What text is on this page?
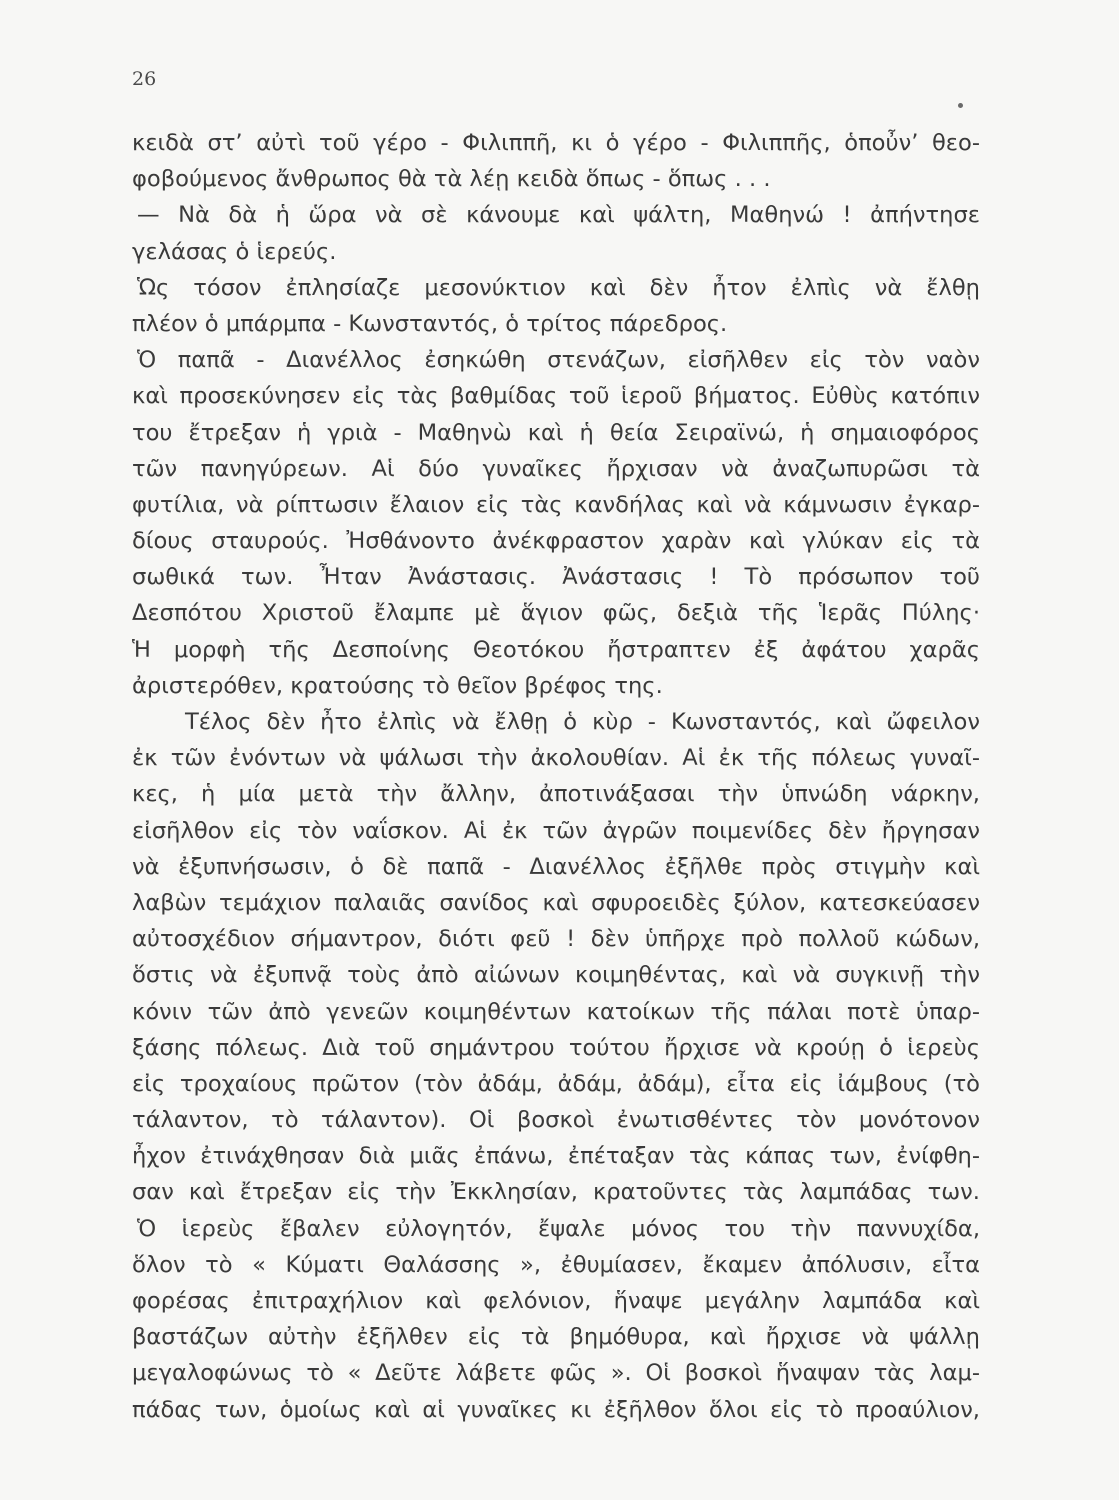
26
κειδὰ στ’ αὐτὶ τοῦ γέρο - Φιλιππῆ, κι ὁ γέρο - Φιλιππῆς, ὁποὖν’ θεο-
φοβούμενος ἄνθρωπος θὰ τὰ λέῃ κειδὰ ὅπως - ὅπως . . .
— Νὰ δὰ ἡ ὥρα νὰ σὲ κάνουμε καὶ ψάλτη, Μαθηνώ ! ἀπήντησε
γελάσας ὁ ἱερεύς.
Ὡς τόσον ἐπλησίαζε μεσονύκτιον καὶ δὲν ἦτον ἐλπὶς νὰ ἔλθῃ
πλέον ὁ μπάρμπα - Κωνσταντός, ὁ τρίτος πάρεδρος.
Ὁ παπᾶ - Διανέλλος ἐσηκώθη στενάζων, εἰσῆλθεν εἰς τὸν ναὸν
καὶ προσεκύνησεν εἰς τὰς βαθμίδας τοῦ ἱεροῦ βήματος. Εὐθὺς κατόπιν
του ἔτρεξαν ἡ γριὰ - Μαθηνὼ καὶ ἡ θεία Σειραϊνώ, ἡ σημαιοφόρος
τῶν πανηγύρεων. Αἱ δύο γυναῖκες ἤρχισαν νὰ ἀναζωπυρῶσι τὰ
φυτίλια, νὰ ρίπτωσιν ἔλαιον εἰς τὰς κανδήλας καὶ νὰ κάμνωσιν ἐγκαρ-
δίους σταυρούς. Ἠσθάνοντο ἀνέκφραστον χαρὰν καὶ γλύκαν εἰς τὰ
σωθικά των. Ἦταν Ἀνάστασις. Ἀνάστασις ! Τὸ πρόσωπον τοῦ
Δεσπότου Χριστοῦ ἔλαμπε μὲ ἅγιον φῶς, δεξιὰ τῆς Ἱερᾶς Πύλης·
Ἡ μορφὴ τῆς Δεσποίνης Θεοτόκου ἤστραπτεν ἐξ ἀφάτου χαρᾶς
ἀριστερόθεν, κρατούσης τὸ θεῖον βρέφος της.
Τέλος δὲν ἦτο ἐλπὶς νὰ ἔλθῃ ὁ κὺρ - Κωνσταντός, καὶ ὤφειλον
ἐκ τῶν ἐνόντων νὰ ψάλωσι τὴν ἀκολουθίαν. Αἱ ἐκ τῆς πόλεως γυναῖ-
κες, ἡ μία μετὰ τὴν ἄλλην, ἀποτινάξασαι τὴν ὑπνώδη νάρκην,
εἰσῆλθον εἰς τὸν ναΐσκον. Αἱ ἐκ τῶν ἀγρῶν ποιμενίδες δὲν ἤργησαν
νὰ ἐξυπνήσωσιν, ὁ δὲ παπᾶ - Διανέλλος ἐξῆλθε πρὸς στιγμὴν καὶ
λαβὼν τεμάχιον παλαιᾶς σανίδος καὶ σφυροειδὲς ξύλον, κατεσκεύασεν
αὐτοσχέδιον σήμαντρον, διότι φεῦ ! δὲν ὑπῆρχε πρὸ πολλοῦ κώδων,
ὅστις νὰ ἐξυπνᾷ τοὺς ἀπὸ αἰώνων κοιμηθέντας, καὶ νὰ συγκινῇ τὴν
κόνιν τῶν ἀπὸ γενεῶν κοιμηθέντων κατοίκων τῆς πάλαι ποτὲ ὑπαρ-
ξάσης πόλεως. Διὰ τοῦ σημάντρου τούτου ἤρχισε νὰ κρούῃ ὁ ἱερεὺς
εἰς τροχαίους πρῶτον (τὸν ἀδάμ, ἀδάμ, ἀδάμ), εἶτα εἰς ἰάμβους (τὸ
τάλαντον, τὸ τάλαντον). Οἱ βοσκοὶ ἐνωτισθέντες τὸν μονότονον
ἦχον ἐτινάχθησαν διὰ μιᾶς ἐπάνω, ἐπέταξαν τὰς κάπας των, ἐνίφθη-
σαν καὶ ἔτρεξαν εἰς τὴν Ἐκκλησίαν, κρατοῦντες τὰς λαμπάδας των.
Ὁ ἱερεὺς ἔβαλεν εὐλογητόν, ἔψαλε μόνος του τὴν παννυχίδα,
ὅλον τὸ « Κύματι Θαλάσσης », ἐθυμίασεν, ἔκαμεν ἀπόλυσιν, εἶτα
φορέσας ἐπιτραχήλιον καὶ φελόνιον, ἥναψε μεγάλην λαμπάδα καὶ
βαστάζων αὐτὴν ἐξῆλθεν εἰς τὰ βημόθυρα, καὶ ἤρχισε νὰ ψάλλῃ
μεγαλοφώνως τὸ « Δεῦτε λάβετε φῶς ». Οἱ βοσκοὶ ἥναψαν τὰς λαμ-
πάδας των, ὁμοίως καὶ αἱ γυναῖκες κι ἐξῆλθον ὅλοι εἰς τὸ προαύλιον,
